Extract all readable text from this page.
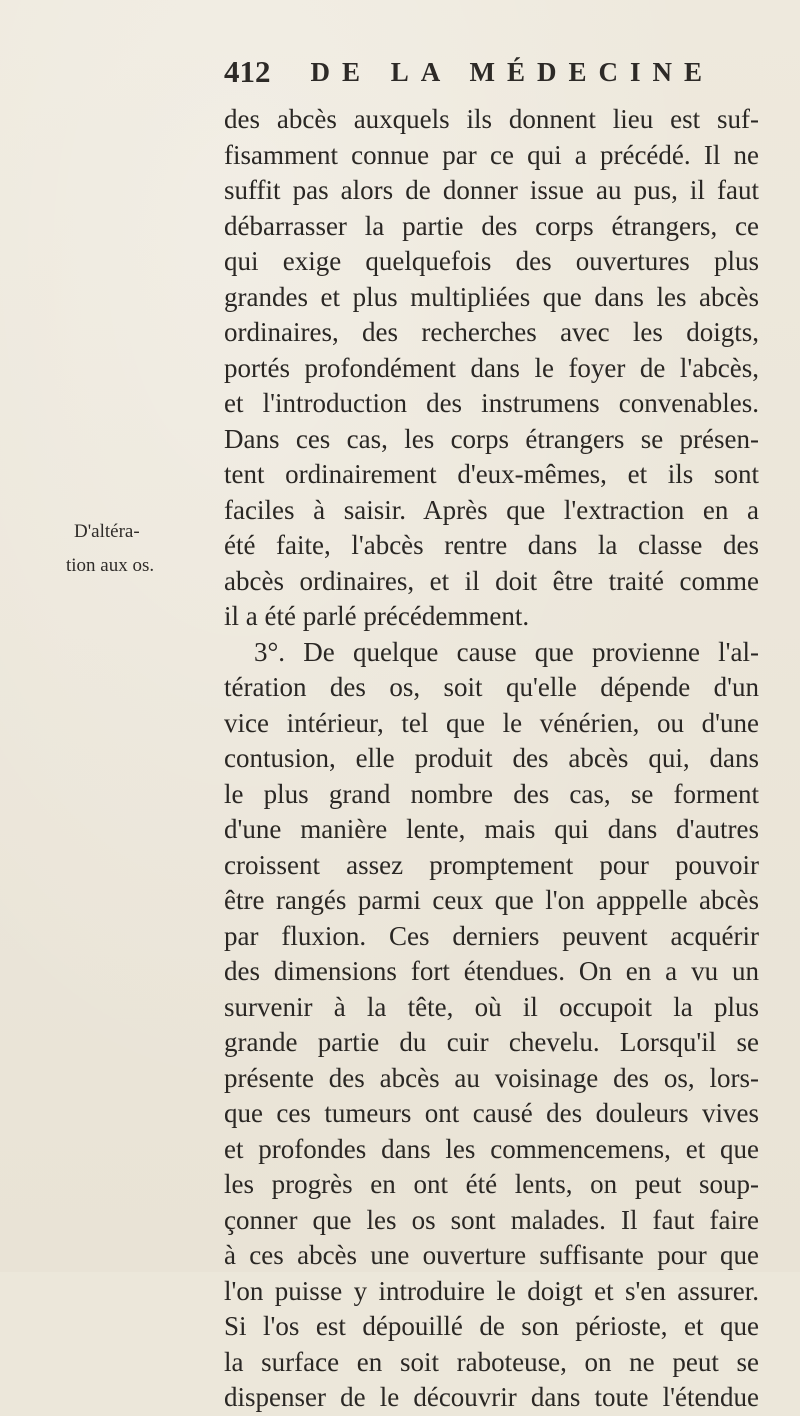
412 DE LA MÉDECINE
D'altéra-
tion aux os.
des abcès auxquels ils donnent lieu est suf-
fisamment connue par ce qui a précédé. Il ne
suffit pas alors de donner issue au pus, il faut
débarrasser la partie des corps étrangers, ce
qui exige quelquefois des ouvertures plus
grandes et plus multipliées que dans les abcès
ordinaires, des recherches avec les doigts,
portés profondément dans le foyer de l'abcès,
et l'introduction des instrumens convenables.
Dans ces cas, les corps étrangers se présen-
tent ordinairement d'eux-mêmes, et ils sont
faciles à saisir. Après que l'extraction en a
été faite, l'abcès rentre dans la classe des
abcès ordinaires, et il doit être traité comme
il a été parlé précédemment.
3°. De quelque cause que provienne l'al-
tération des os, soit qu'elle dépende d'un
vice intérieur, tel que le vénérien, ou d'une
contusion, elle produit des abcès qui, dans
le plus grand nombre des cas, se forment
d'une manière lente, mais qui dans d'autres
croissent assez promptement pour pouvoir
être rangés parmi ceux que l'on apppelle abcès
par fluxion. Ces derniers peuvent acquérir
des dimensions fort étendues. On en a vu un
survenir à la tête, où il occupoit la plus
grande partie du cuir chevelu. Lorsqu'il se
présente des abcès au voisinage des os, lors-
que ces tumeurs ont causé des douleurs vives
et profondes dans les commencemens, et que
les progrès en ont été lents, on peut soup-
çonner que les os sont malades. Il faut faire
à ces abcès une ouverture suffisante pour que
l'on puisse y introduire le doigt et s'en assurer.
Si l'os est dépouillé de son périoste, et que
la surface en soit raboteuse, on ne peut se
dispenser de le découvrir dans toute l'étendue
